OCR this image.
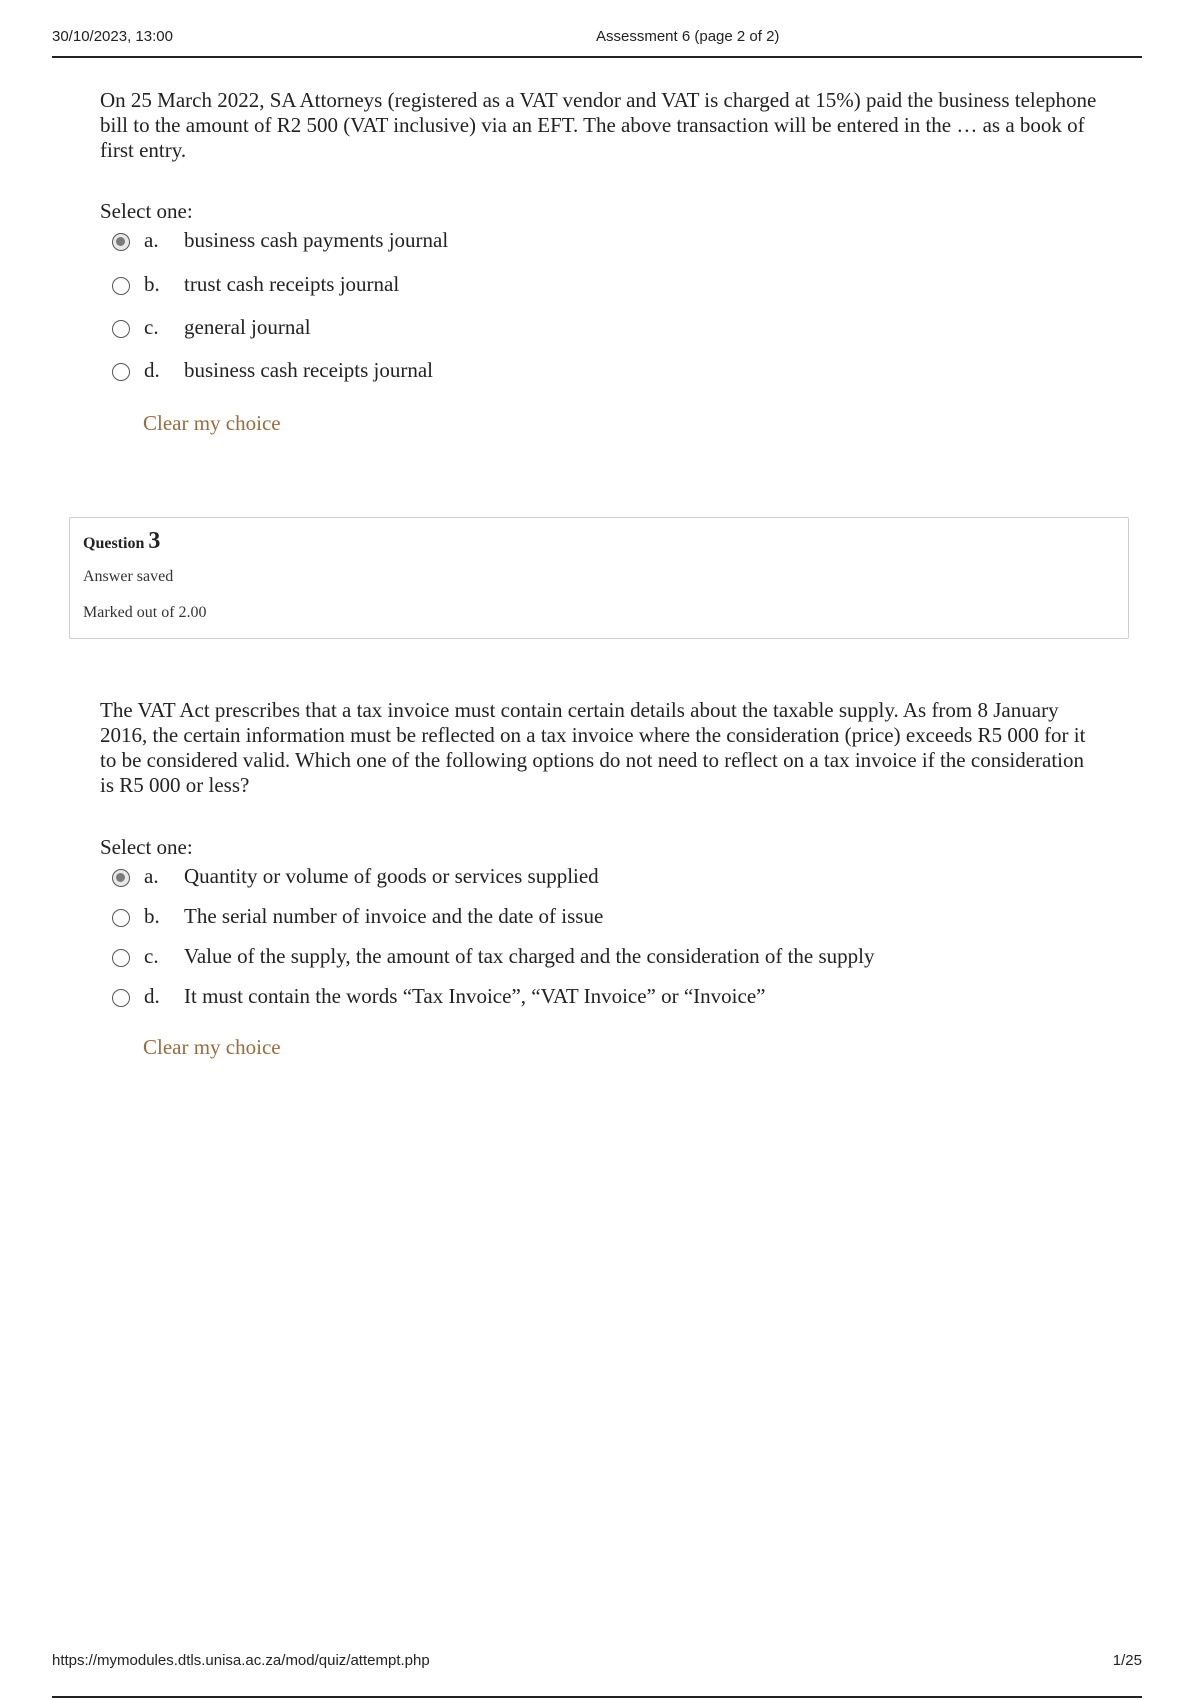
30/10/2023, 13:00	Assessment 6 (page 2 of 2)
On 25 March 2022, SA Attorneys (registered as a VAT vendor and VAT is charged at 15%) paid the business telephone bill to the amount of R2 500 (VAT inclusive) via an EFT. The above transaction will be entered in the … as a book of first entry.
Select one:
a. business cash payments journal
b. trust cash receipts journal
c. general journal
d. business cash receipts journal
Clear my choice
Question 3
Answer saved
Marked out of 2.00
The VAT Act prescribes that a tax invoice must contain certain details about the taxable supply. As from 8 January 2016, the certain information must be reflected on a tax invoice where the consideration (price) exceeds R5 000 for it to be considered valid. Which one of the following options do not need to reflect on a tax invoice if the consideration is R5 000 or less?
Select one:
a. Quantity or volume of goods or services supplied
b. The serial number of invoice and the date of issue
c. Value of the supply, the amount of tax charged and the consideration of the supply
d. It must contain the words “Tax Invoice”, “VAT Invoice” or “Invoice”
Clear my choice
https://mymodules.dtls.unisa.ac.za/mod/quiz/attempt.php	1/25
